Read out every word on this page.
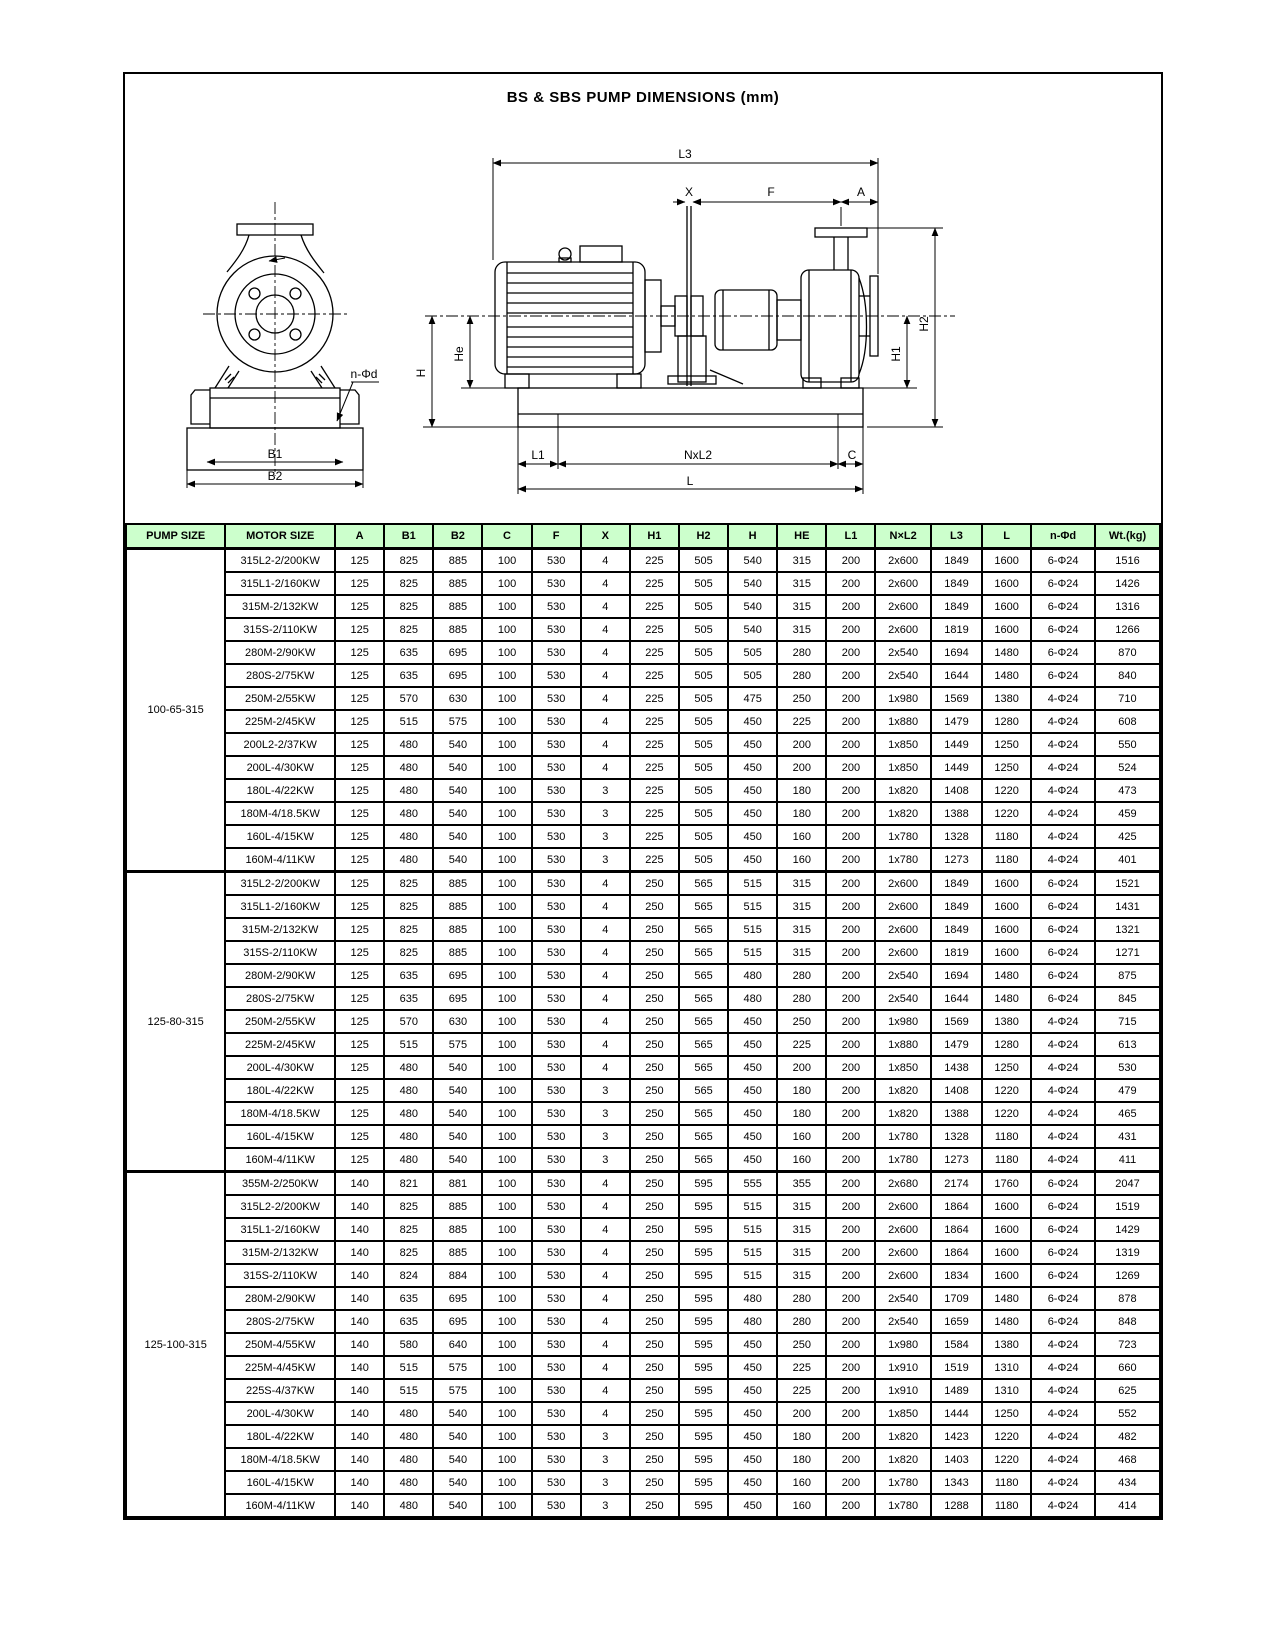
BS & SBS PUMP DIMENSIONS (mm)
B1
B2
n-Φd
L3
X	F	A
H2
H1
H
He
L1	NxL2	C
L
PUMP SIZE	MOTOR SIZE	A	B1	B2	C	F	X	H1	H2	H	HE	L1	N×L2	L3	L	n-Φd	Wt.(kg)
100-65-315	315L2-2/200KW	125	825	885	100	530	4	225	505	540	315	200	2x600	1849	1600	6-Φ24	1516
	315L1-2/160KW	125	825	885	100	530	4	225	505	540	315	200	2x600	1849	1600	6-Φ24	1426
	315M-2/132KW	125	825	885	100	530	4	225	505	540	315	200	2x600	1849	1600	6-Φ24	1316
	315S-2/110KW	125	825	885	100	530	4	225	505	540	315	200	2x600	1819	1600	6-Φ24	1266
	280M-2/90KW	125	635	695	100	530	4	225	505	505	280	200	2x540	1694	1480	6-Φ24	870
	280S-2/75KW	125	635	695	100	530	4	225	505	505	280	200	2x540	1644	1480	6-Φ24	840
	250M-2/55KW	125	570	630	100	530	4	225	505	475	250	200	1x980	1569	1380	4-Φ24	710
	225M-2/45KW	125	515	575	100	530	4	225	505	450	225	200	1x880	1479	1280	4-Φ24	608
	200L2-2/37KW	125	480	540	100	530	4	225	505	450	200	200	1x850	1449	1250	4-Φ24	550
	200L-4/30KW	125	480	540	100	530	4	225	505	450	200	200	1x850	1449	1250	4-Φ24	524
	180L-4/22KW	125	480	540	100	530	3	225	505	450	180	200	1x820	1408	1220	4-Φ24	473
	180M-4/18.5KW	125	480	540	100	530	3	225	505	450	180	200	1x820	1388	1220	4-Φ24	459
	160L-4/15KW	125	480	540	100	530	3	225	505	450	160	200	1x780	1328	1180	4-Φ24	425
	160M-4/11KW	125	480	540	100	530	3	225	505	450	160	200	1x780	1273	1180	4-Φ24	401
125-80-315	315L2-2/200KW	125	825	885	100	530	4	250	565	515	315	200	2x600	1849	1600	6-Φ24	1521
	315L1-2/160KW	125	825	885	100	530	4	250	565	515	315	200	2x600	1849	1600	6-Φ24	1431
	315M-2/132KW	125	825	885	100	530	4	250	565	515	315	200	2x600	1849	1600	6-Φ24	1321
	315S-2/110KW	125	825	885	100	530	4	250	565	515	315	200	2x600	1819	1600	6-Φ24	1271
	280M-2/90KW	125	635	695	100	530	4	250	565	480	280	200	2x540	1694	1480	6-Φ24	875
	280S-2/75KW	125	635	695	100	530	4	250	565	480	280	200	2x540	1644	1480	6-Φ24	845
	250M-2/55KW	125	570	630	100	530	4	250	565	450	250	200	1x980	1569	1380	4-Φ24	715
	225M-2/45KW	125	515	575	100	530	4	250	565	450	225	200	1x880	1479	1280	4-Φ24	613
	200L-4/30KW	125	480	540	100	530	4	250	565	450	200	200	1x850	1438	1250	4-Φ24	530
	180L-4/22KW	125	480	540	100	530	3	250	565	450	180	200	1x820	1408	1220	4-Φ24	479
	180M-4/18.5KW	125	480	540	100	530	3	250	565	450	180	200	1x820	1388	1220	4-Φ24	465
	160L-4/15KW	125	480	540	100	530	3	250	565	450	160	200	1x780	1328	1180	4-Φ24	431
	160M-4/11KW	125	480	540	100	530	3	250	565	450	160	200	1x780	1273	1180	4-Φ24	411
125-100-315	355M-2/250KW	140	821	881	100	530	4	250	595	555	355	200	2x680	2174	1760	6-Φ24	2047
	315L2-2/200KW	140	825	885	100	530	4	250	595	515	315	200	2x600	1864	1600	6-Φ24	1519
	315L1-2/160KW	140	825	885	100	530	4	250	595	515	315	200	2x600	1864	1600	6-Φ24	1429
	315M-2/132KW	140	825	885	100	530	4	250	595	515	315	200	2x600	1864	1600	6-Φ24	1319
	315S-2/110KW	140	824	884	100	530	4	250	595	515	315	200	2x600	1834	1600	6-Φ24	1269
	280M-2/90KW	140	635	695	100	530	4	250	595	480	280	200	2x540	1709	1480	6-Φ24	878
	280S-2/75KW	140	635	695	100	530	4	250	595	480	280	200	2x540	1659	1480	6-Φ24	848
	250M-4/55KW	140	580	640	100	530	4	250	595	450	250	200	1x980	1584	1380	4-Φ24	723
	225M-4/45KW	140	515	575	100	530	4	250	595	450	225	200	1x910	1519	1310	4-Φ24	660
	225S-4/37KW	140	515	575	100	530	4	250	595	450	225	200	1x910	1489	1310	4-Φ24	625
	200L-4/30KW	140	480	540	100	530	4	250	595	450	200	200	1x850	1444	1250	4-Φ24	552
	180L-4/22KW	140	480	540	100	530	3	250	595	450	180	200	1x820	1423	1220	4-Φ24	482
	180M-4/18.5KW	140	480	540	100	530	3	250	595	450	180	200	1x820	1403	1220	4-Φ24	468
	160L-4/15KW	140	480	540	100	530	3	250	595	450	160	200	1x780	1343	1180	4-Φ24	434
	160M-4/11KW	140	480	540	100	530	3	250	595	450	160	200	1x780	1288	1180	4-Φ24	414
